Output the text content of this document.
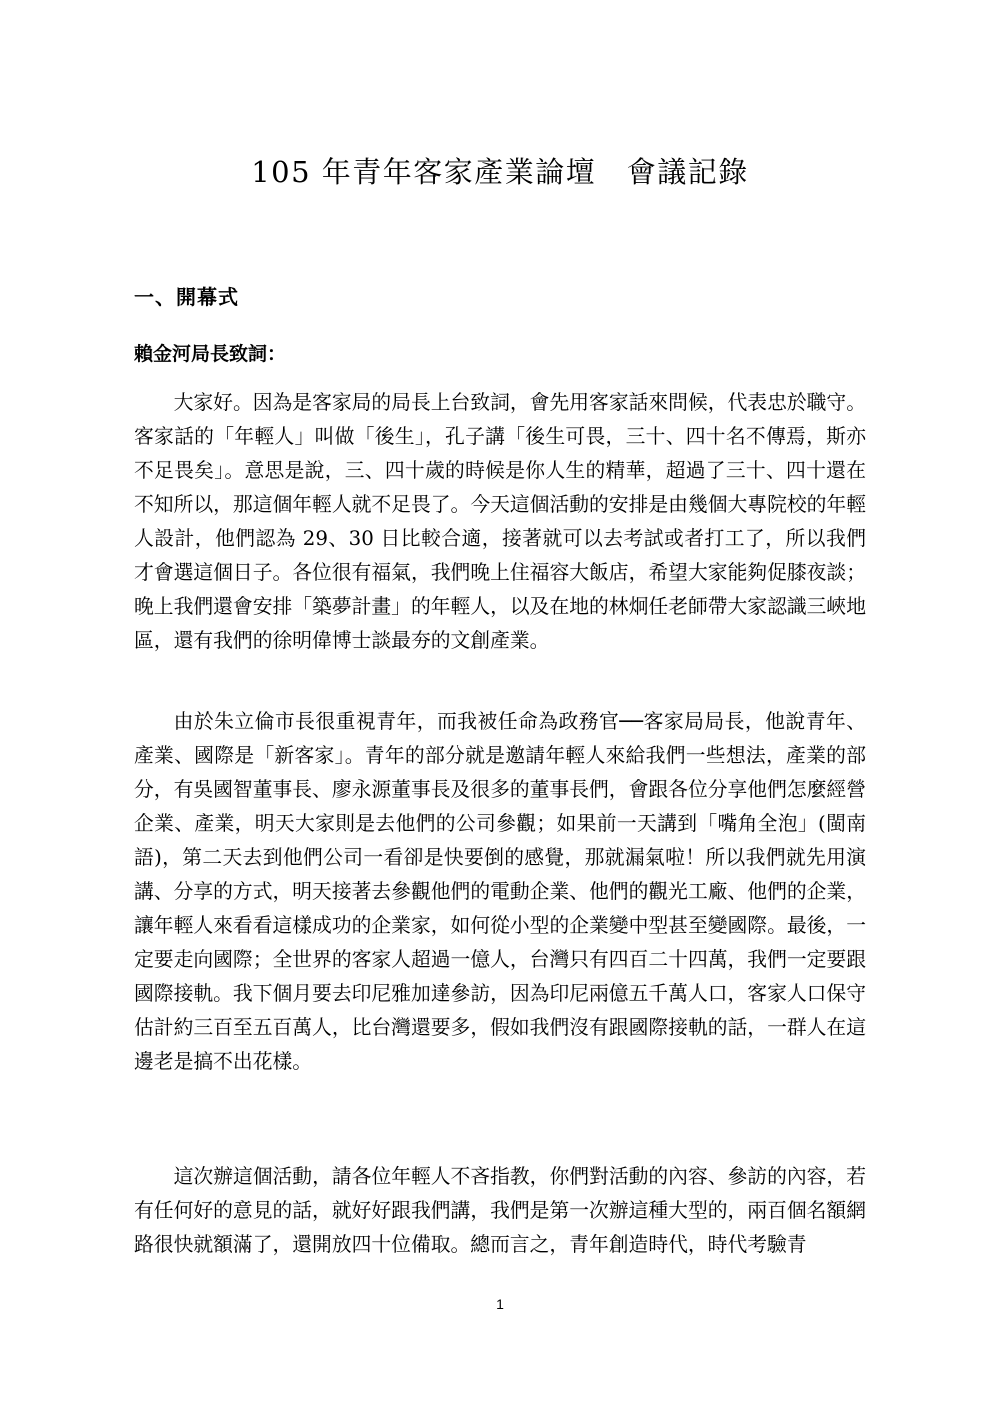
105 年青年客家產業論壇　會議記錄
一、開幕式
賴金河局長致詞：

大家好。因為是客家局的局長上台致詞，會先用客家話來問候，代表忠於職守。客家話的「年輕人」叫做「後生」，孔子講「後生可畏，三十、四十名不傳焉，斯亦不足畏矣」。意思是說，三、四十歲的時候是你人生的精華，超過了三十、四十還在不知所以，那這個年輕人就不足畏了。今天這個活動的安排是由幾個大專院校的年輕人設計，他們認為 29、30 日比較合適，接著就可以去考試或者打工了，所以我們才會選這個日子。各位很有福氣，我們晚上住福容大飯店，希望大家能夠促膝夜談；晚上我們還會安排「築夢計畫」的年輕人，以及在地的林炯任老師帶大家認識三峽地區，還有我們的徐明偉博士談最夯的文創產業。

由於朱立倫市長很重視青年，而我被任命為政務官──客家局局長，他說青年、產業、國際是「新客家」。青年的部分就是邀請年輕人來給我們一些想法，產業的部分，有吳國智董事長、廖永源董事長及很多的董事長們，會跟各位分享他們怎麼經營企業、產業，明天大家則是去他們的公司參觀；如果前一天講到「嘴角全泡」(閩南語)，第二天去到他們公司一看卻是快要倒的感覺，那就漏氣啦！所以我們就先用演講、分享的方式，明天接著去參觀他們的電動企業、他們的觀光工廠、他們的企業，讓年輕人來看看這樣成功的企業家，如何從小型的企業變中型甚至變國際。最後，一定要走向國際；全世界的客家人超過一億人，台灣只有四百二十四萬，我們一定要跟國際接軌。我下個月要去印尼雅加達參訪，因為印尼兩億五千萬人口，客家人口保守估計約三百至五百萬人，比台灣還要多，假如我們沒有跟國際接軌的話，一群人在這邊老是搞不出花樣。

這次辦這個活動，請各位年輕人不吝指教，你們對活動的內容、參訪的內容，若有任何好的意見的話，就好好跟我們講，我們是第一次辦這種大型的，兩百個名額網路很快就額滿了，還開放四十位備取。總而言之，青年創造時代，時代考驗青

1
